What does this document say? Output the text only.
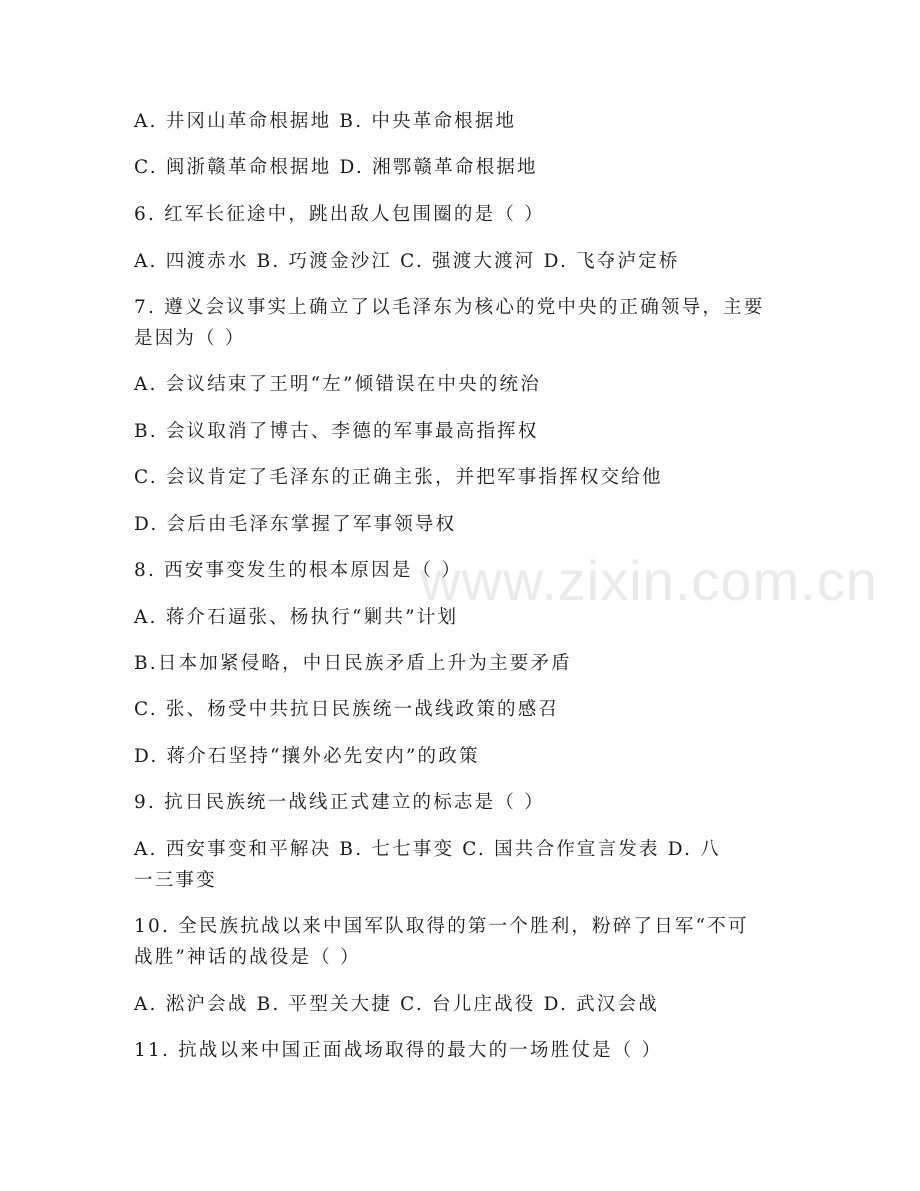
www.zixin.com.cn
A. 井冈山革命根据地 B. 中央革命根据地
C. 闽浙赣革命根据地 D. 湘鄂赣革命根据地
6. 红军长征途中，跳出敌人包围圈的是（ ）
A. 四渡赤水 B. 巧渡金沙江 C. 强渡大渡河 D. 飞夺泸定桥
7. 遵义会议事实上确立了以毛泽东为核心的党中央的正确领导，主要
是因为（ ）
A. 会议结束了王明“左”倾错误在中央的统治
B. 会议取消了博古、李德的军事最高指挥权
C. 会议肯定了毛泽东的正确主张，并把军事指挥权交给他
D. 会后由毛泽东掌握了军事领导权
8. 西安事变发生的根本原因是（ ）
A. 蒋介石逼张、杨执行“剿共”计划
B.日本加紧侵略，中日民族矛盾上升为主要矛盾
C. 张、杨受中共抗日民族统一战线政策的感召
D. 蒋介石坚持“攘外必先安内”的政策
9. 抗日民族统一战线正式建立的标志是（ ）
A. 西安事变和平解决 B. 七七事变 C. 国共合作宣言发表 D. 八
一三事变
10. 全民族抗战以来中国军队取得的第一个胜利，粉碎了日军“不可
战胜”神话的战役是（ ）
A. 淞沪会战 B. 平型关大捷 C. 台儿庄战役 D. 武汉会战
11. 抗战以来中国正面战场取得的最大的一场胜仗是（ ）
